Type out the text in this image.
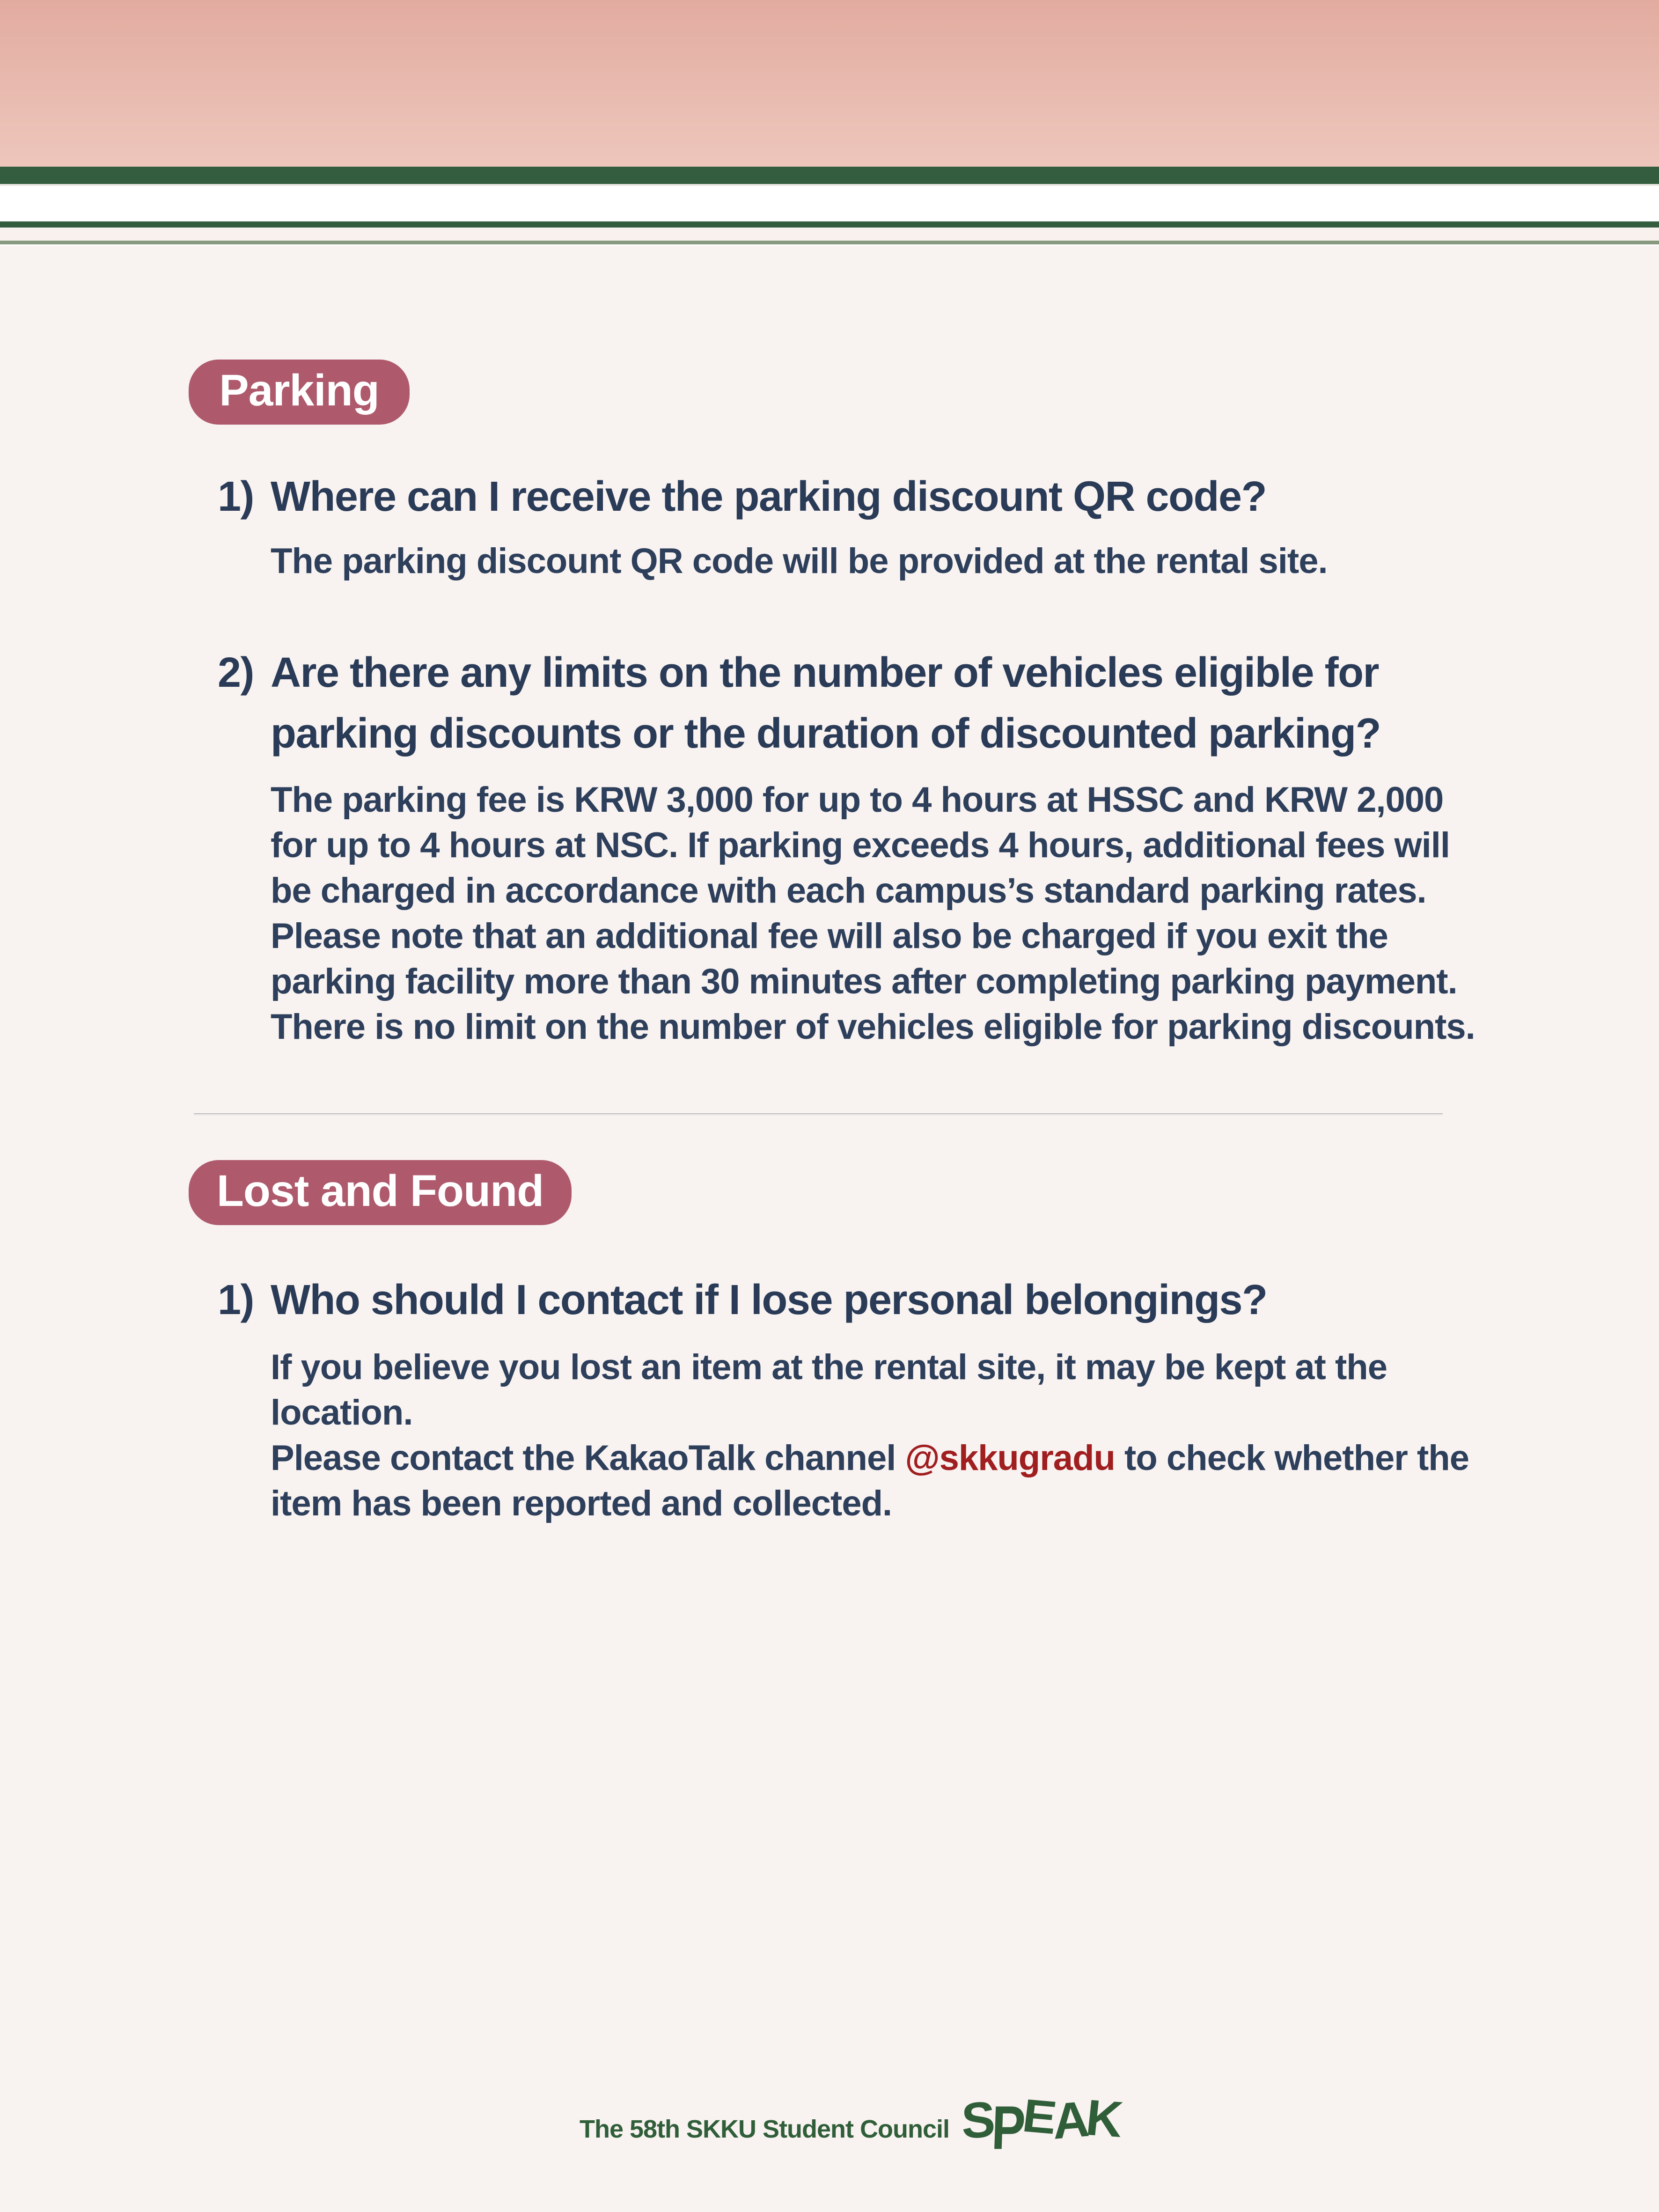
Parking
1) Where can I receive the parking discount QR code?
The parking discount QR code will be provided at the rental site.
2) Are there any limits on the number of vehicles eligible for
parking discounts or the duration of discounted parking?
The parking fee is KRW 3,000 for up to 4 hours at HSSC and KRW 2,000
for up to 4 hours at NSC. If parking exceeds 4 hours, additional fees will
be charged in accordance with each campus’s standard parking rates.
Please note that an additional fee will also be charged if you exit the
parking facility more than 30 minutes after completing parking payment.
There is no limit on the number of vehicles eligible for parking discounts.
Lost and Found
1) Who should I contact if I lose personal belongings?
If you believe you lost an item at the rental site, it may be kept at the
location.
Please contact the KakaoTalk channel @skkugradu to check whether the
item has been reported and collected.
The 58th SKKU Student Council SPEAK
